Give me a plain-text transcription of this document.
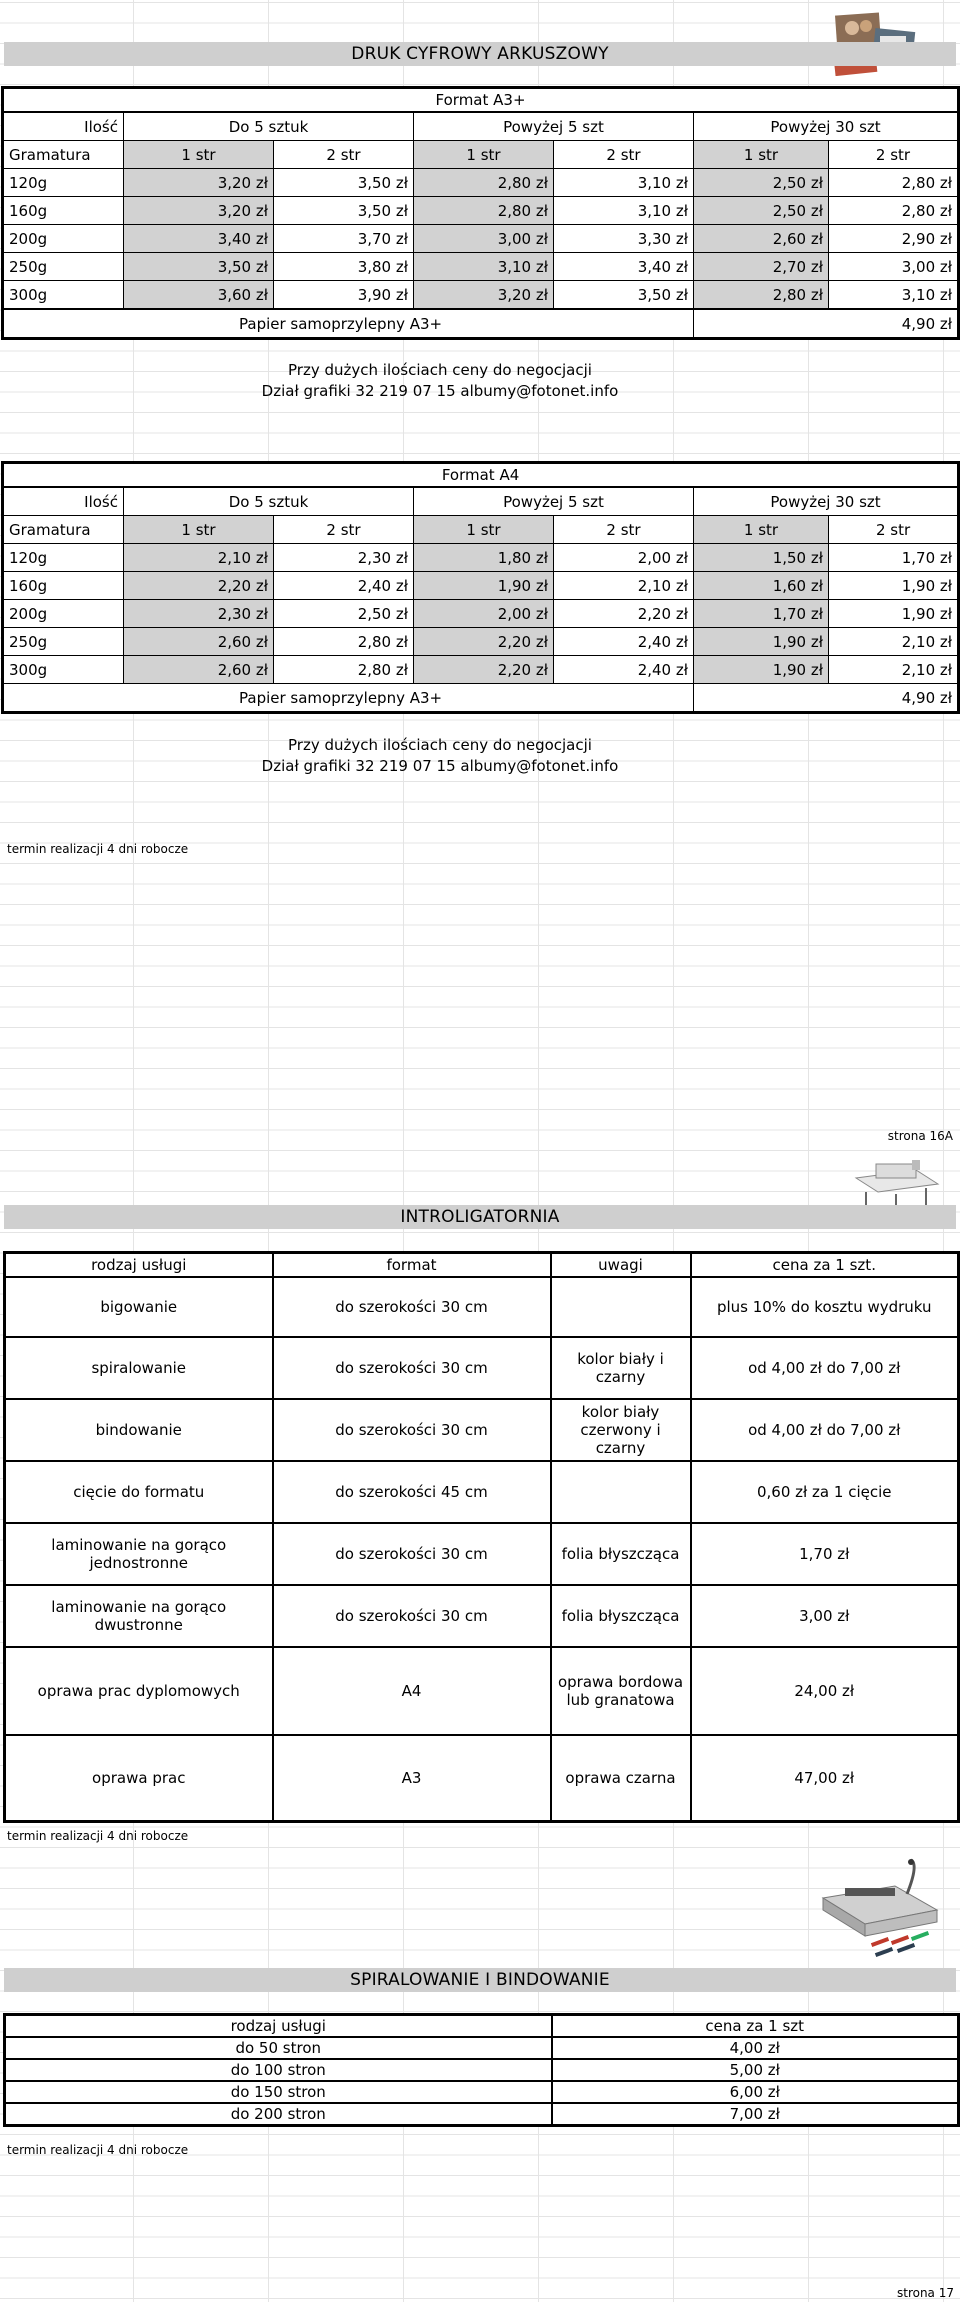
DRUK CYFROWY ARKUSZOWY
Format A3+						
Ilość	Do 5 sztuk		Powyżej 5 szt		Powyżej 30 szt	
Gramatura	1 str	2 str	1 str	2 str	1 str	2 str
120g	3,20 zł	3,50 zł	2,80 zł	3,10 zł	2,50 zł	2,80 zł
160g	3,20 zł	3,50 zł	2,80 zł	3,10 zł	2,50 zł	2,80 zł
200g	3,40 zł	3,70 zł	3,00 zł	3,30 zł	2,60 zł	2,90 zł
250g	3,50 zł	3,80 zł	3,10 zł	3,40 zł	2,70 zł	3,00 zł
300g	3,60 zł	3,90 zł	3,20 zł	3,50 zł	2,80 zł	3,10 zł
Papier samoprzylepny A3+					4,90 zł	
Przy dużych ilościach ceny do negocjacji
Dział grafiki 32 219 07 15 albumy@fotonet.info
Format A4						
Ilość	Do 5 sztuk		Powyżej 5 szt		Powyżej 30 szt	
Gramatura	1 str	2 str	1 str	2 str	1 str	2 str
120g	2,10 zł	2,30 zł	1,80 zł	2,00 zł	1,50 zł	1,70 zł
160g	2,20 zł	2,40 zł	1,90 zł	2,10 zł	1,60 zł	1,90 zł
200g	2,30 zł	2,50 zł	2,00 zł	2,20 zł	1,70 zł	1,90 zł
250g	2,60 zł	2,80 zł	2,20 zł	2,40 zł	1,90 zł	2,10 zł
300g	2,60 zł	2,80 zł	2,20 zł	2,40 zł	1,90 zł	2,10 zł
Papier samoprzylepny A3+					4,90 zł	
Przy dużych ilościach ceny do negocjacji
Dział grafiki 32 219 07 15 albumy@fotonet.info
termin realizacji 4 dni robocze
strona 16A
INTROLIGATORNIA
rodzaj usługi	format	uwagi	cena za 1 szt.
bigowanie	do szerokości 30 cm		plus 10% do kosztu wydruku
spiralowanie	do szerokości 30 cm	kolor biały i czarny	od 4,00 zł do 7,00 zł
bindowanie	do szerokości 30 cm	kolor biały czerwony i czarny	od 4,00 zł do 7,00 zł
cięcie do formatu	do szerokości 45 cm		0,60 zł za 1 cięcie
laminowanie na gorąco jednostronne	do szerokości 30 cm	folia błyszcząca	1,70 zł
laminowanie na gorąco dwustronne	do szerokości 30 cm	folia błyszcząca	3,00 zł
oprawa prac dyplomowych	A4	oprawa bordowa lub granatowa	24,00 zł
oprawa prac	A3	oprawa czarna	47,00 zł
termin realizacji 4 dni robocze
SPIRALOWANIE I BINDOWANIE
rodzaj usługi	cena za 1 szt
do 50 stron	4,00 zł
do 100 stron	5,00 zł
do 150 stron	6,00 zł
do 200 stron	7,00 zł
termin realizacji 4 dni robocze
strona 17
